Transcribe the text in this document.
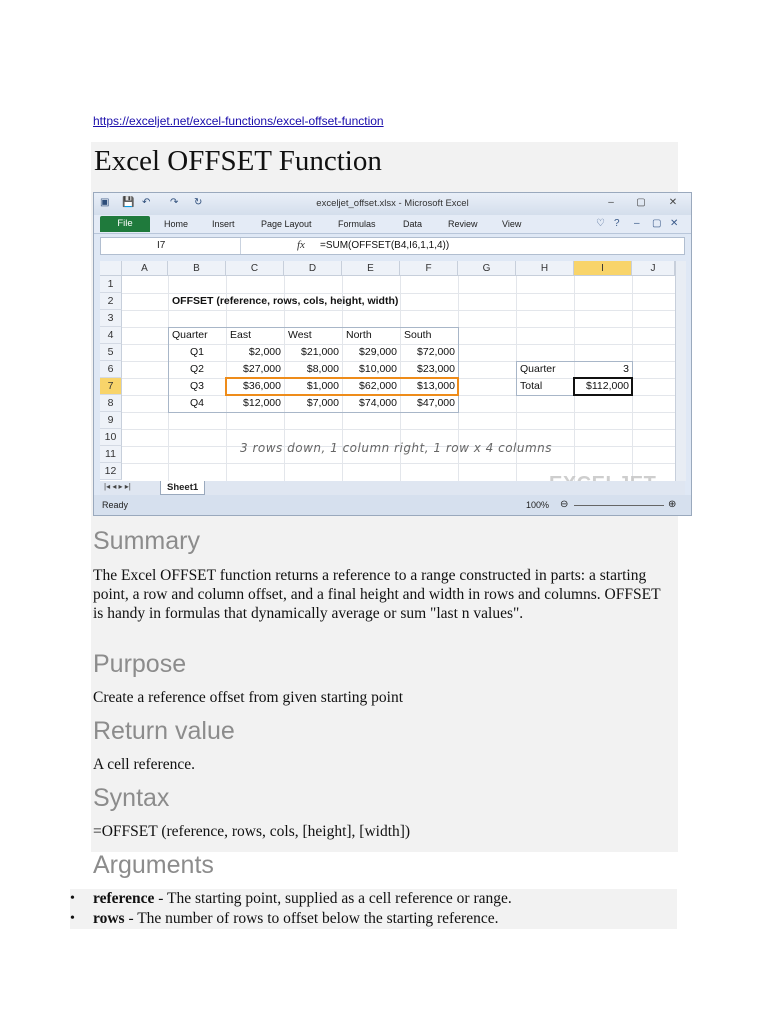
https://exceljet.net/excel-functions/excel-offset-function
Excel OFFSET Function
▣ 💾 ↶ ↷ ↻	exceljet_offset.xlsx - Microsoft Excel	–	▢ ✕
File	Home	Insert	Page Layout	Formulas	Data	Review	View	♡ ? – ▢ ✕
I7	fx =SUM(OFFSET(B4,I6,1,1,4))
A	B	C	D	E	F	G	H	I	J
1
2
3
4
5
6
7
8
9
10
11
12
OFFSET (reference, rows, cols, height, width)
Quarter	East	West	North	South
Q1	$2,000	$21,000	$29,000	$72,000
Q2	$27,000	$8,000	$10,000	$23,000
Q3	$36,000	$1,000	$62,000	$13,000
Q4	$12,000	$7,000	$74,000	$47,000
Quarter	3
Total	$112,000
3 rows down, 1 column right, 1 row x 4 columns
|◂ ◂ ▸ ▸|	Sheet1
Ready	100% ⊖	⊕
Summary

The Excel OFFSET function returns a reference to a range constructed in parts: a starting point, a row and column offset, and a final height and width in rows and columns. OFFSET is handy in formulas that dynamically average or sum "last n values".

Purpose

Create a reference offset from given starting point

Return value

A cell reference.

Syntax

=OFFSET (reference, rows, cols, [height], [width])

Arguments
• reference - The starting point, supplied as a cell reference or range.
• rows - The number of rows to offset below the starting reference.
